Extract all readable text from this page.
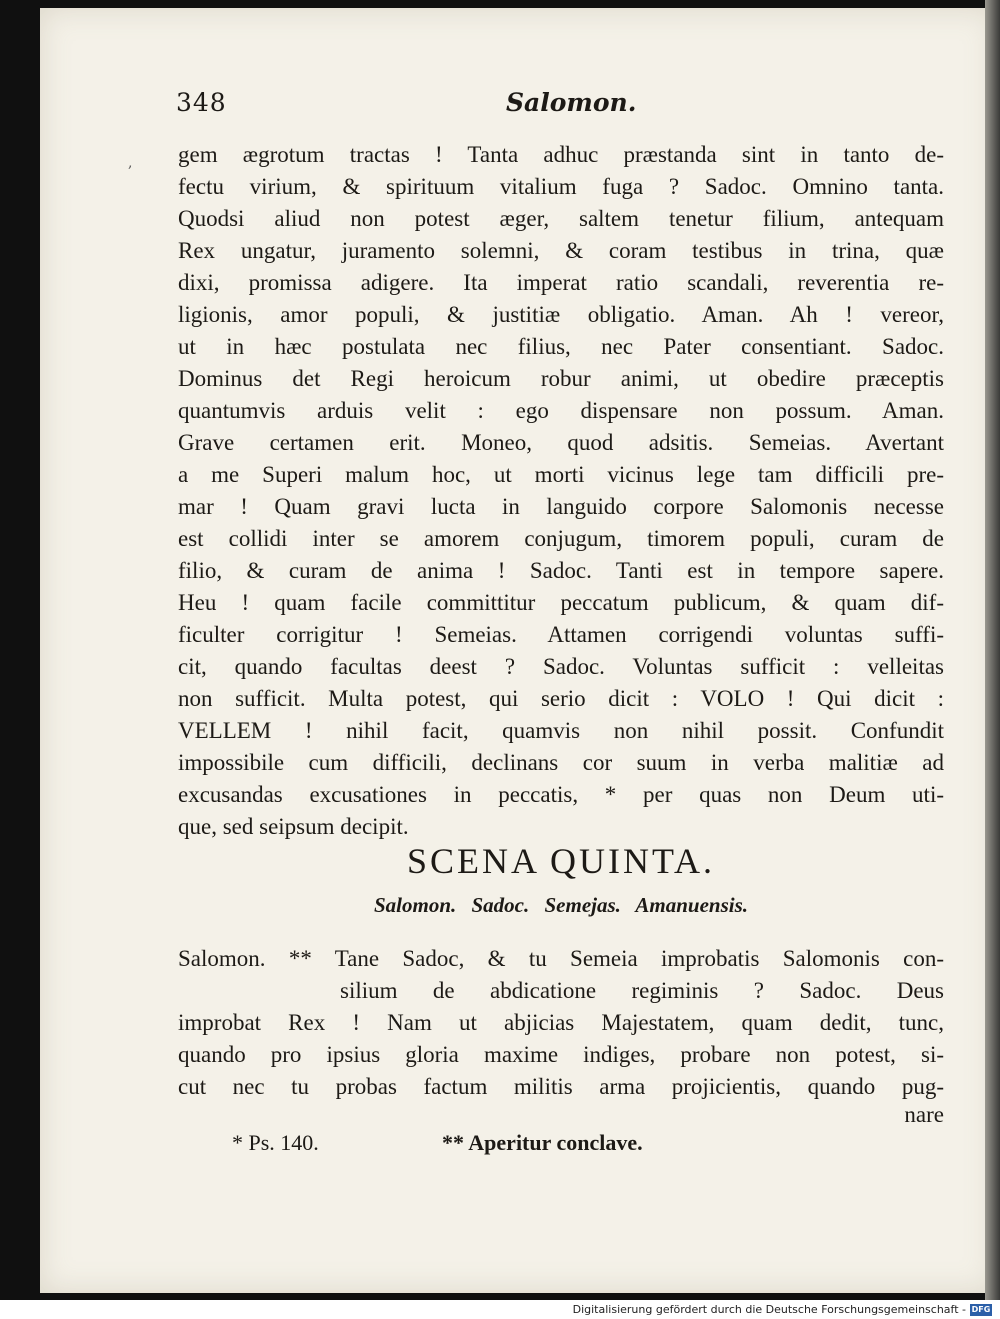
348	Salomon.
, gem ægrotum tractas ! Tanta adhuc præstanda sint in tanto de-
fectu virium, & spirituum vitalium fuga ? Sadoc. Omnino tanta.
Quodsi aliud non potest æger, saltem tenetur filium, antequam
Rex ungatur, juramento solemni, & coram testibus in trina, quæ
dixi, promissa adigere. Ita imperat ratio scandali, reverentia re-
ligionis, amor populi, & justitiæ obligatio. Aman. Ah ! vereor,
ut in hæc postulata nec filius, nec Pater consentiant. Sadoc.
Dominus det Regi heroicum robur animi, ut obedire præceptis
quantumvis arduis velit : ego dispensare non possum. Aman.
Grave certamen erit. Moneo, quod adsitis. Semeias. Avertant
a me Superi malum hoc, ut morti vicinus lege tam difficili pre-
mar ! Quam gravi lucta in languido corpore Salomonis necesse
est collidi inter se amorem conjugum, timorem populi, curam de
filio, & curam de anima ! Sadoc. Tanti est in tempore sapere.
Heu ! quam facile committitur peccatum publicum, & quam dif-
ficulter corrigitur ! Semeias. Attamen corrigendi voluntas suffi-
cit, quando facultas deest ? Sadoc. Voluntas sufficit : velleitas
non sufficit. Multa potest, qui serio dicit : VOLO ! Qui dicit :
VELLEM ! nihil facit, quamvis non nihil possit. Confundit
impossibile cum difficili, declinans cor suum in verba malitiæ ad
excusandas excusationes in peccatis, * per quas non Deum uti-
que, sed seipsum decipit.
SCENA QUINTA.
Salomon. Sadoc. Semejas. Amanuensis.
Salomon. ** Tane Sadoc, & tu Semeia improbatis Salomonis con-
silium de abdicatione regiminis ? Sadoc. Deus
improbat Rex ! Nam ut abjicias Majestatem, quam dedit, tunc,
quando pro ipsius gloria maxime indiges, probare non potest, si-
cut nec tu probas factum militis arma projicientis, quando pug-
nare
* Ps. 140.	** Aperitur conclave.
Digitalisierung gefördert durch die Deutsche Forschungsgemeinschaft - DFG
